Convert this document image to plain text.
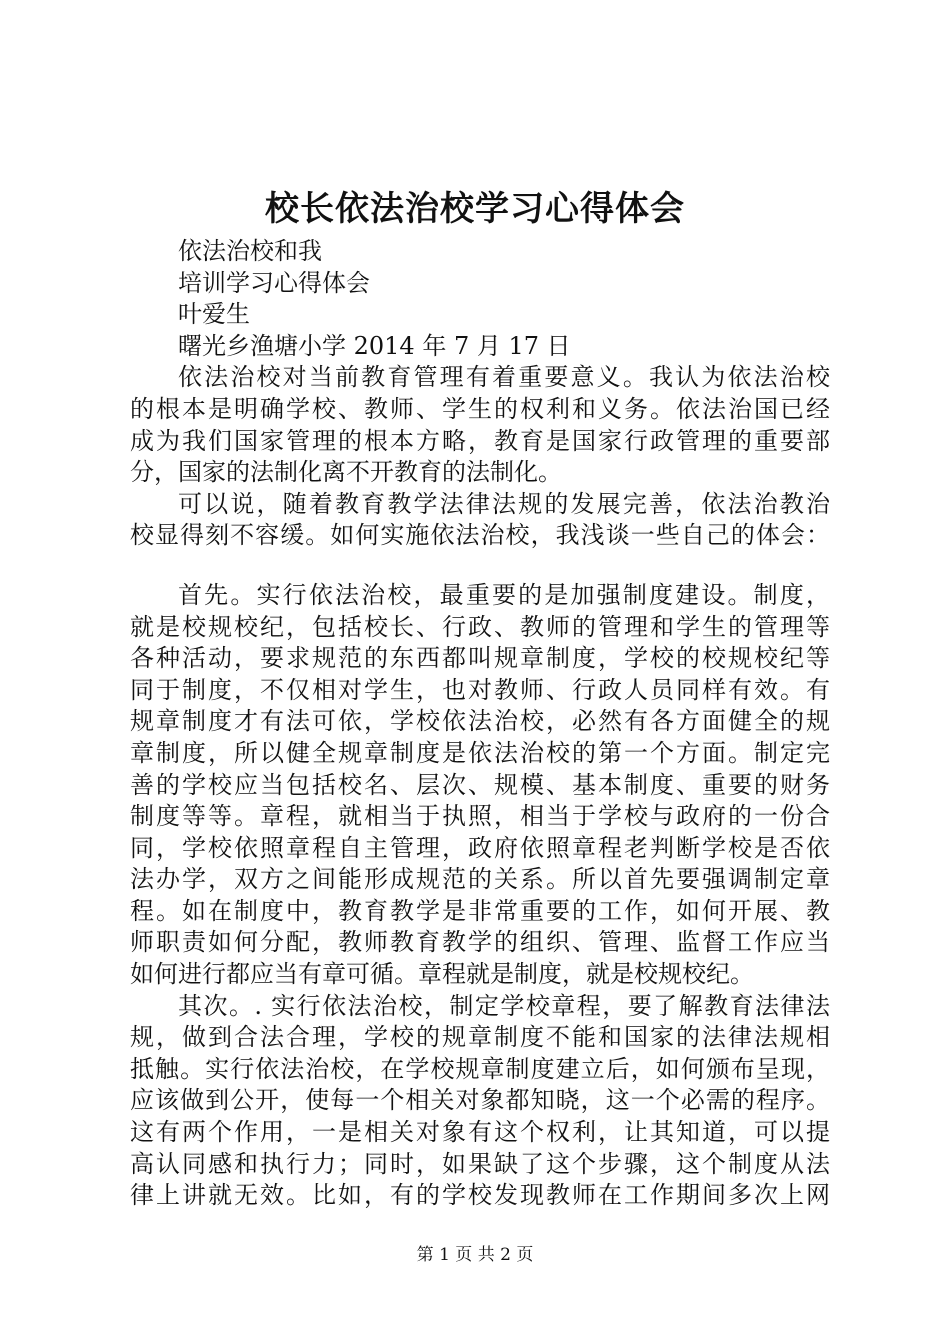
校长依法治校学习心得体会
依法治校和我
培训学习心得体会
叶爱生
曙光乡渔塘小学 2014 年 7 月 17 日
依法治校对当前教育管理有着重要意义。我认为依法治校
的根本是明确学校、教师、学生的权利和义务。依法治国已经
成为我们国家管理的根本方略，教育是国家行政管理的重要部
分，国家的法制化离不开教育的法制化。
可以说，随着教育教学法律法规的发展完善，依法治教治
校显得刻不容缓。如何实施依法治校，我浅谈一些自己的体会：
首先。实行依法治校，最重要的是加强制度建设。制度，
就是校规校纪，包括校长、行政、教师的管理和学生的管理等
各种活动，要求规范的东西都叫规章制度，学校的校规校纪等
同于制度，不仅相对学生，也对教师、行政人员同样有效。有
规章制度才有法可依，学校依法治校，必然有各方面健全的规
章制度，所以健全规章制度是依法治校的第一个方面。制定完
善的学校应当包括校名、层次、规模、基本制度、重要的财务
制度等等。章程，就相当于执照，相当于学校与政府的一份合
同，学校依照章程自主管理，政府依照章程老判断学校是否依
法办学，双方之间能形成规范的关系。所以首先要强调制定章
程。如在制度中，教育教学是非常重要的工作，如何开展、教
师职责如何分配，教师教育教学的组织、管理、监督工作应当
如何进行都应当有章可循。章程就是制度，就是校规校纪。
其次。. 实行依法治校，制定学校章程，要了解教育法律法
规，做到合法合理，学校的规章制度不能和国家的法律法规相
抵触。实行依法治校，在学校规章制度建立后，如何颁布呈现，
应该做到公开，使每一个相关对象都知晓，这一个必需的程序。
这有两个作用，一是相关对象有这个权利，让其知道，可以提
高认同感和执行力；同时，如果缺了这个步骤，这个制度从法
律上讲就无效。比如，有的学校发现教师在工作期间多次上网
第 1 页 共 2 页
